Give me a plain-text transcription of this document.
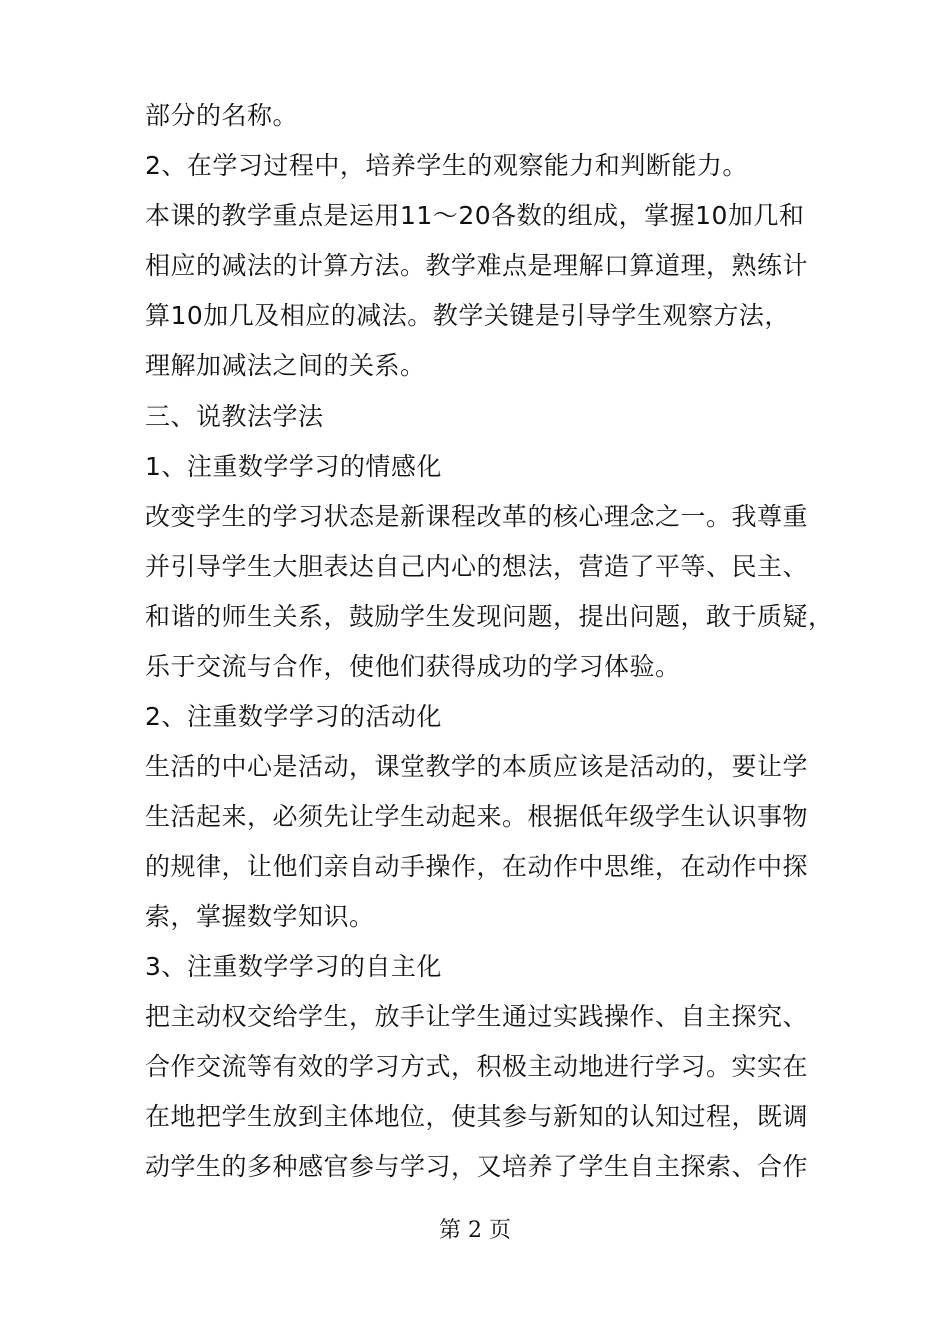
部分的名称。
2、在学习过程中，培养学生的观察能力和判断能力。
本课的教学重点是运用11～20各数的组成，掌握10加几和
相应的减法的计算方法。教学难点是理解口算道理，熟练计
算10加几及相应的减法。教学关键是引导学生观察方法，
理解加减法之间的关系。
三、说教法学法
1、注重数学学习的情感化
改变学生的学习状态是新课程改革的核心理念之一。我尊重
并引导学生大胆表达自己内心的想法，营造了平等、民主、
和谐的师生关系，鼓励学生发现问题，提出问题，敢于质疑，
乐于交流与合作，使他们获得成功的学习体验。
2、注重数学学习的活动化
生活的中心是活动，课堂教学的本质应该是活动的，要让学
生活起来，必须先让学生动起来。根据低年级学生认识事物
的规律，让他们亲自动手操作，在动作中思维，在动作中探
索，掌握数学知识。
3、注重数学学习的自主化
把主动权交给学生，放手让学生通过实践操作、自主探究、
合作交流等有效的学习方式，积极主动地进行学习。实实在
在地把学生放到主体地位，使其参与新知的认知过程，既调
动学生的多种感官参与学习，又培养了学生自主探索、合作
第 2 页
